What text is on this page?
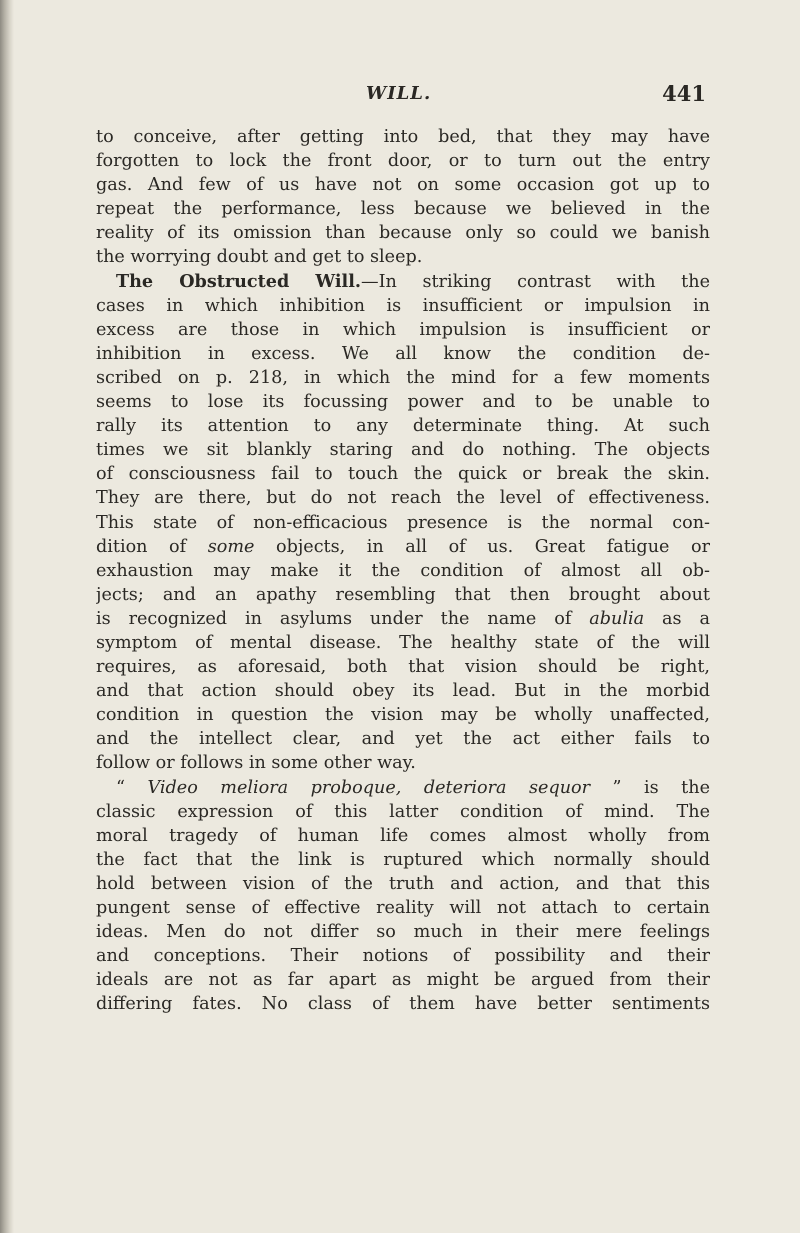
WILL.	441
to conceive, after getting into bed, that they may have
forgotten to lock the front door, or to turn out the entry
gas. And few of us have not on some occasion got up to
repeat the performance, less because we believed in the
reality of its omission than because only so could we banish
the worrying doubt and get to sleep.
The Obstructed Will.—In striking contrast with the
cases in which inhibition is insufficient or impulsion in
excess are those in which impulsion is insufficient or
inhibition in excess. We all know the condition de-
scribed on p. 218, in which the mind for a few moments
seems to lose its focussing power and to be unable to
rally its attention to any determinate thing. At such
times we sit blankly staring and do nothing. The objects
of consciousness fail to touch the quick or break the skin.
They are there, but do not reach the level of effectiveness.
This state of non-efficacious presence is the normal con-
dition of some objects, in all of us. Great fatigue or
exhaustion may make it the condition of almost all ob-
jects; and an apathy resembling that then brought about
is recognized in asylums under the name of abulia as a
symptom of mental disease. The healthy state of the will
requires, as aforesaid, both that vision should be right,
and that action should obey its lead. But in the morbid
condition in question the vision may be wholly unaffected,
and the intellect clear, and yet the act either fails to
follow or follows in some other way.
“ Video meliora proboque, deteriora sequor ” is the
classic expression of this latter condition of mind. The
moral tragedy of human life comes almost wholly from
the fact that the link is ruptured which normally should
hold between vision of the truth and action, and that this
pungent sense of effective reality will not attach to certain
ideas. Men do not differ so much in their mere feelings
and conceptions. Their notions of possibility and their
ideals are not as far apart as might be argued from their
differing fates. No class of them have better sentiments
